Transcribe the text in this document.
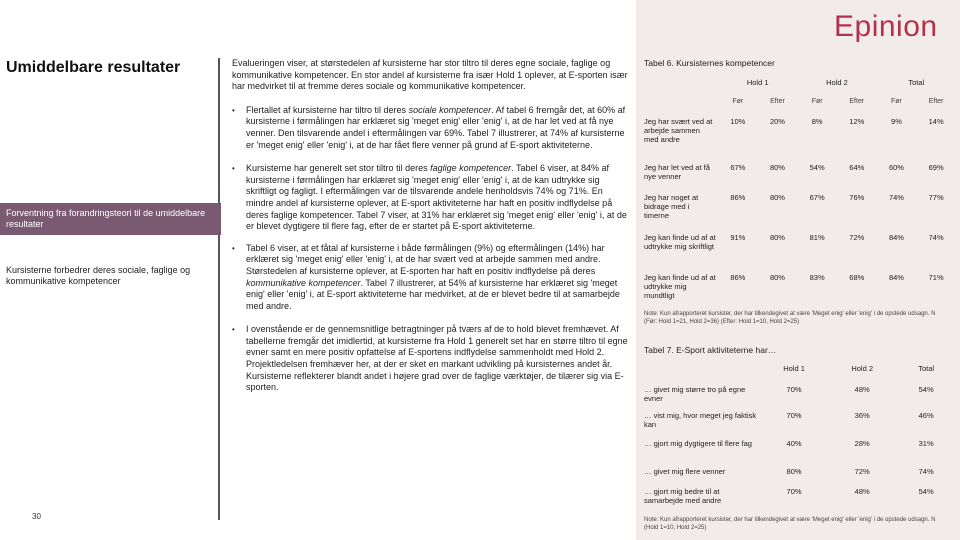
Epinion
Umiddelbare resultater
Forventning fra forandringsteori til de umiddelbare resultater
Kursisterne forbedrer deres sociale, faglige og kommunikative kompetencer
30

Evalueringen viser, at størstedelen af kursisterne har stor tiltro til deres egne sociale, faglige og kommunikative kompetencer. En stor andel af kursisterne fra især Hold 1 oplever, at E-sporten især har medvirket til at fremme deres sociale og kommunikative kompetencer.

• Flertallet af kursisterne har tiltro til deres sociale kompetencer. Af tabel 6 fremgår det, at 60% af kursisterne i førmålingen har erklæret sig 'meget enig' eller 'enig' i, at de har let ved at få nye venner. Den tilsvarende andel i eftermålingen var 69%. Tabel 7 illustrerer, at 74% af kursisterne er 'meget enig' eller 'enig' i, at de har fået flere venner på grund af E-sport aktiviteterne.
• Kursisterne har generelt set stor tiltro til deres faglige kompetencer. Tabel 6 viser, at 84% af kursisterne i førmålingen har erklæret sig 'meget enig' eller 'enig' i, at de kan udtrykke sig skriftligt og fagligt. I eftermålingen var de tilsvarende andele henholdsvis 74% og 71%. En mindre andel af kursisterne oplever, at E-sport aktiviteterne har haft en positiv indflydelse på deres faglige kompetencer. Tabel 7 viser, at 31% har erklæret sig 'meget enig' eller 'enig' i, at de er blevet dygtigere til flere fag, efter de er startet på E-sport aktiviteterne.
• Tabel 6 viser, at et fåtal af kursisterne i både førmålingen (9%) og eftermålingen (14%) har erklæret sig 'meget enig' eller 'enig' i, at de har svært ved at arbejde sammen med andre. Størstedelen af kursisterne oplever, at E-sporten har haft en positiv indflydelse på deres kommunikative kompetencer. Tabel 7 illustrerer, at 54% af kursisterne har erklæret sig 'meget enig' eller 'enig' i, at E-sport aktiviteterne har medvirket, at de er blevet bedre til at samarbejde med andre.
• I ovenstående er de gennemsnitlige betragtninger på tværs af de to hold blevet fremhævet. Af tabellerne fremgår det imidlertid, at kursisterne fra Hold 1 generelt set har en større tiltro til egne evner samt en mere positiv opfattelse af E-sportens indflydelse sammenholdt med Hold 2. Projektledelsen fremhæver her, at der er sket en markant udvikling på kursisternes andet år. Kursisterne reflekterer blandt andet i højere grad over de faglige værktøjer, de tilærer sig via E-sporten.
Tabel 6. Kursisternes kompetencer
	Hold 1		Hold 2		Total	
	Før	Efter	Før	Efter	Før	Efter
Jeg har svært ved at arbejde sammen med andre	10%	20%	8%	12%	9%	14%
Jeg har let ved at få nye venner	67%	80%	54%	64%	60%	69%
Jeg har noget at bidrage med i timerne	86%	80%	67%	76%	74%	77%
Jeg kan finde ud af at udtrykke mig skriftligt	91%	80%	81%	72%	84%	74%
Jeg kan finde ud af at udtrykke mig mundtligt	86%	80%	83%	68%	84%	71%
Note: Kun afrapporteret kursister, der har tilkendegivet at være 'Meget enig' eller 'enig' i de opstede udsagn. N (Før: Hold 1=21, Hold 2=36) (Efter: Hold 1=10, Hold 2=25)
Tabel 7. E-Sport aktiviteterne har…
	Hold 1	Hold 2	Total
… givet mig større tro på egne evner	70%	48%	54%
… vist mig, hvor meget jeg faktisk kan	70%	36%	46%
… gjort mig dygtigere til flere fag	40%	28%	31%
… givet mig flere venner	80%	72%	74%
… gjort mig bedre til at samarbejde med andre	70%	48%	54%
Note: Kun afrapporteret kursister, der har tilkendegivet at være 'Meget enig' eller 'enig' i de opstede udsagn. N (Hold 1=10, Hold 2=25)
